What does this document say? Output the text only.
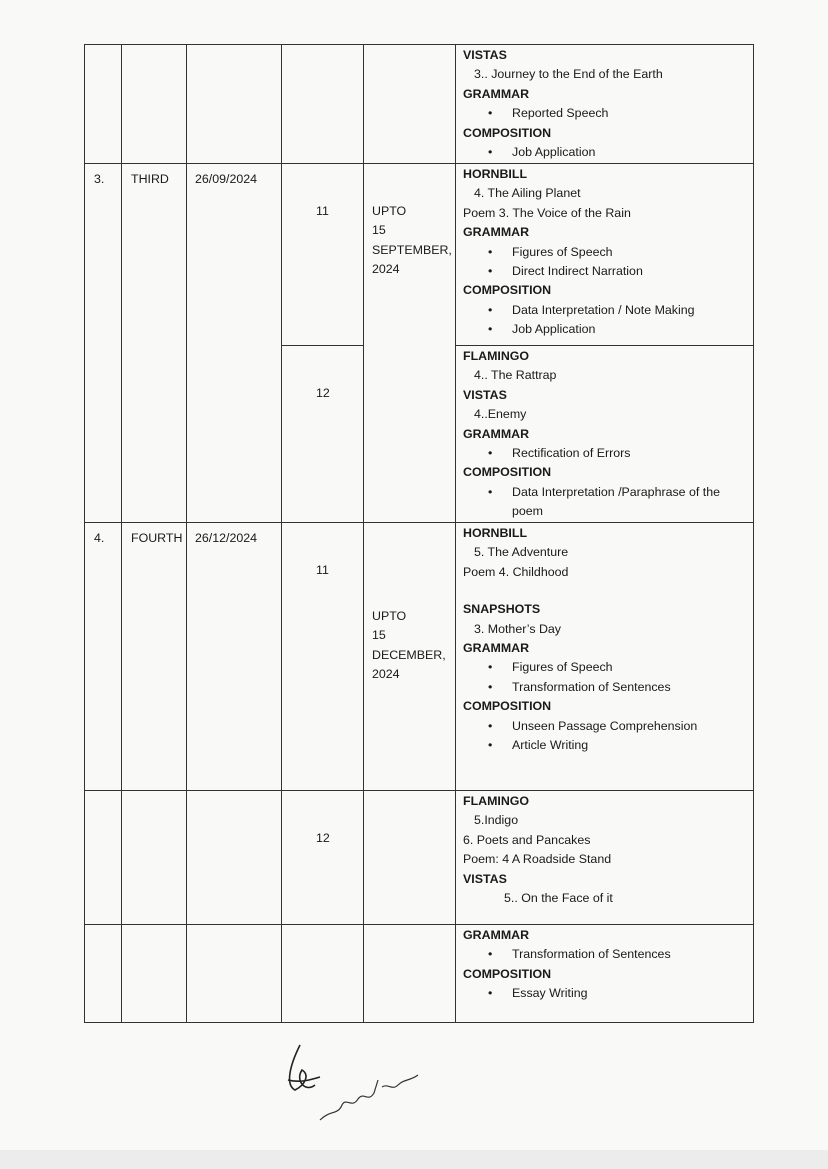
VISTAS
3.. Journey to the End of the Earth
GRAMMAR
• Reported Speech
COMPOSITION
• Job Application
3. THIRD 26/09/2024
11	UPTO
15
SEPTEMBER,
2024
HORNBILL
4. The Ailing Planet
Poem 3. The Voice of the Rain
GRAMMAR
• Figures of Speech
• Direct Indirect Narration
COMPOSITION
• Data Interpretation / Note Making
• Job Application
12
FLAMINGO
4.. The Rattrap
VISTAS
4..Enemy
GRAMMAR
• Rectification of Errors
COMPOSITION
• Data Interpretation /Paraphrase of the
poem
4. FOURTH 26/12/2024
11
UPTO
15
DECEMBER,
2024
HORNBILL
5. The Adventure
Poem 4. Childhood
SNAPSHOTS
3. Mother’s Day
GRAMMAR
• Figures of Speech
• Transformation of Sentences
COMPOSITION
• Unseen Passage Comprehension
• Article Writing
12
FLAMINGO
5.Indigo
6. Poets and Pancakes
Poem: 4 A Roadside Stand
VISTAS
5.. On the Face of it
GRAMMAR
• Transformation of Sentences
COMPOSITION
• Essay Writing
